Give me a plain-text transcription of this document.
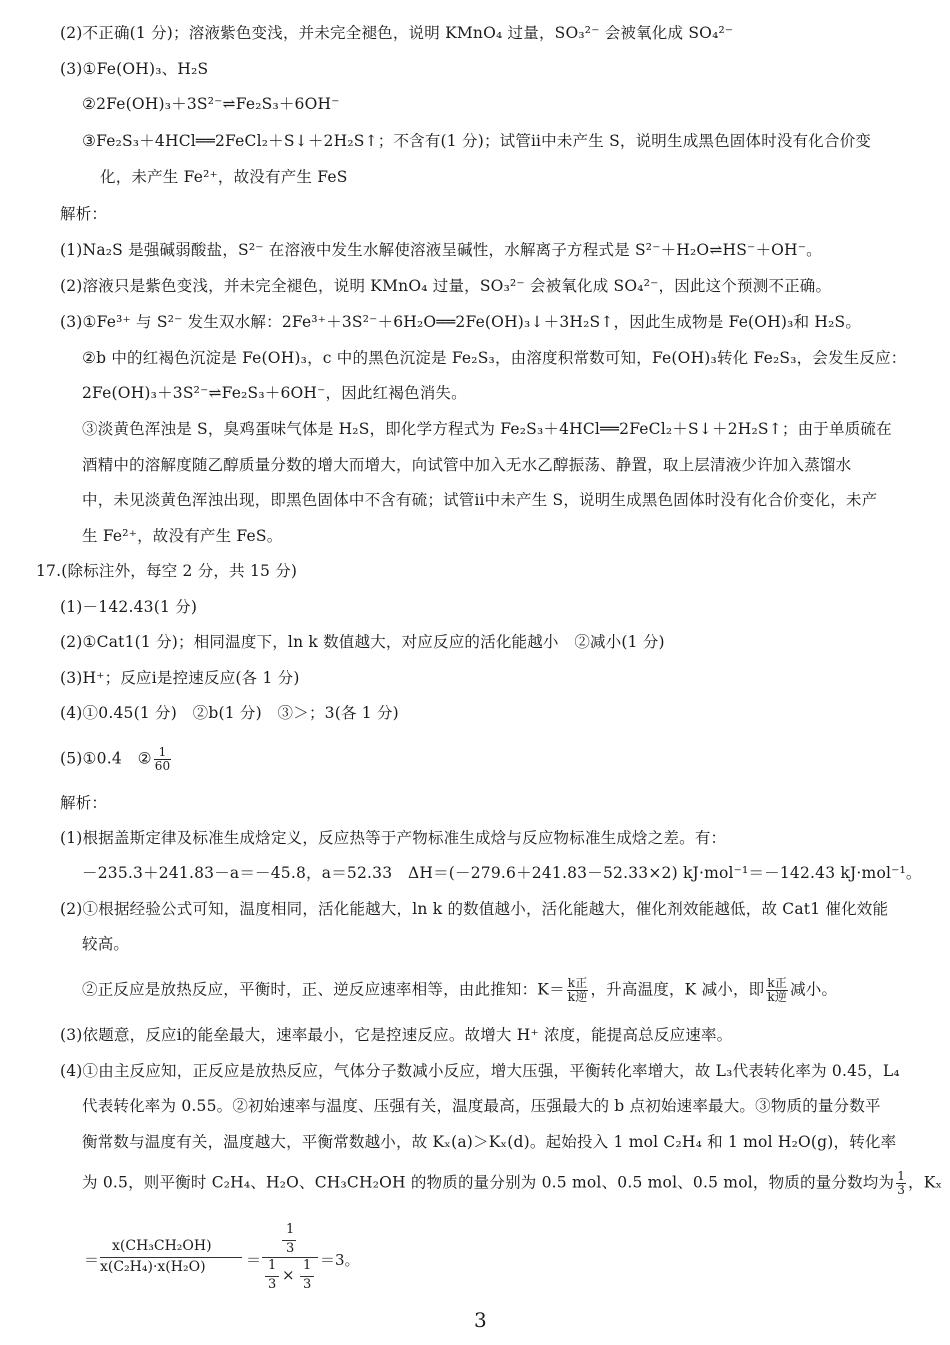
(2)不正确(1 分)；溶液紫色变浅，并未完全褪色，说明 KMnO₄ 过量，SO₃²⁻ 会被氧化成 SO₄²⁻
(3)①Fe(OH)₃、H₂S
②2Fe(OH)₃＋3S²⁻⇌Fe₂S₃＋6OH⁻
③Fe₂S₃＋4HCl══2FeCl₂＋S↓＋2H₂S↑；不含有(1 分)；试管ⅱ中未产生 S，说明生成黑色固体时没有化合价变
化，未产生 Fe²⁺，故没有产生 FeS
解析：
(1)Na₂S 是强碱弱酸盐，S²⁻ 在溶液中发生水解使溶液呈碱性，水解离子方程式是 S²⁻＋H₂O⇌HS⁻＋OH⁻。
(2)溶液只是紫色变浅，并未完全褪色，说明 KMnO₄ 过量，SO₃²⁻ 会被氧化成 SO₄²⁻，因此这个预测不正确。
(3)①Fe³⁺ 与 S²⁻ 发生双水解：2Fe³⁺＋3S²⁻＋6H₂O══2Fe(OH)₃↓＋3H₂S↑，因此生成物是 Fe(OH)₃和 H₂S。
②b 中的红褐色沉淀是 Fe(OH)₃，c 中的黑色沉淀是 Fe₂S₃，由溶度积常数可知，Fe(OH)₃转化 Fe₂S₃，会发生反应：
2Fe(OH)₃＋3S²⁻⇌Fe₂S₃＋6OH⁻，因此红褐色消失。
③淡黄色浑浊是 S，臭鸡蛋味气体是 H₂S，即化学方程式为 Fe₂S₃＋4HCl══2FeCl₂＋S↓＋2H₂S↑；由于单质硫在
酒精中的溶解度随乙醇质量分数的增大而增大，向试管中加入无水乙醇振荡、静置，取上层清液少许加入蒸馏水
中，未见淡黄色浑浊出现，即黑色固体中不含有硫；试管ⅱ中未产生 S，说明生成黑色固体时没有化合价变化，未产
生 Fe²⁺，故没有产生 FeS。
17.(除标注外，每空 2 分，共 15 分)
(1)－142.43(1 分)
(2)①Cat1(1 分)；相同温度下，ln k 数值越大，对应反应的活化能越小　②减小(1 分)
(3)H⁺；反应ⅰ是控速反应(各 1 分)
(4)①0.45(1 分)　②b(1 分)　③＞；3(各 1 分)
(5)①0.4　② $\frac{1}{60}$
解析：
(1)根据盖斯定律及标准生成焓定义，反应热等于产物标准生成焓与反应物标准生成焓之差。有：
－235.3＋241.83－a＝－45.8，a＝52.33　ΔH＝(－279.6＋241.83－52.33×2) kJ·mol⁻¹＝－142.43 kJ·mol⁻¹。
(2)①根据经验公式可知，温度相同，活化能越大，ln k 的数值越小，活化能越大，催化剂效能越低，故 Cat1 催化效能
较高。
②正反应是放热反应，平衡时，正、逆反应速率相等，由此推知：$K= \frac{\text{k正}}{\text{k逆}}$ ，升高温度，K 减小，即 $\frac{\text{k正}}{\text{k逆}}$ 减小。
(3)依题意，反应ⅰ的能垒最大，速率最小，它是控速反应。故增大 H⁺ 浓度，能提高总反应速率。
(4)①由主反应知，正反应是放热反应，气体分子数减小反应，增大压强，平衡转化率增大，故 L₃代表转化率为 0.45，L₄
代表转化率为 0.55。②初始速率与温度、压强有关，温度最高，压强最大的 b 点初始速率最大。③物质的量分数平
衡常数与温度有关，温度越大，平衡常数越小，故 Kₓ(a)＞Kₓ(d)。起始投入 1 mol C₂H₄ 和 1 mol H₂O(g)，转化率
为 0.5，则平衡时 C₂H₄、H₂O、CH₃CH₂OH 的物质的量分别为 0.5 mol、0.5 mol、0.5 mol，物质的量分数均为 $\frac{1}{3}$ ，Kₓ
＝
x(CH₃CH₂OH)
x(C₂H₄)·x(H₂O)	＝
1
3
1
3
×
1
3
＝3。
3
